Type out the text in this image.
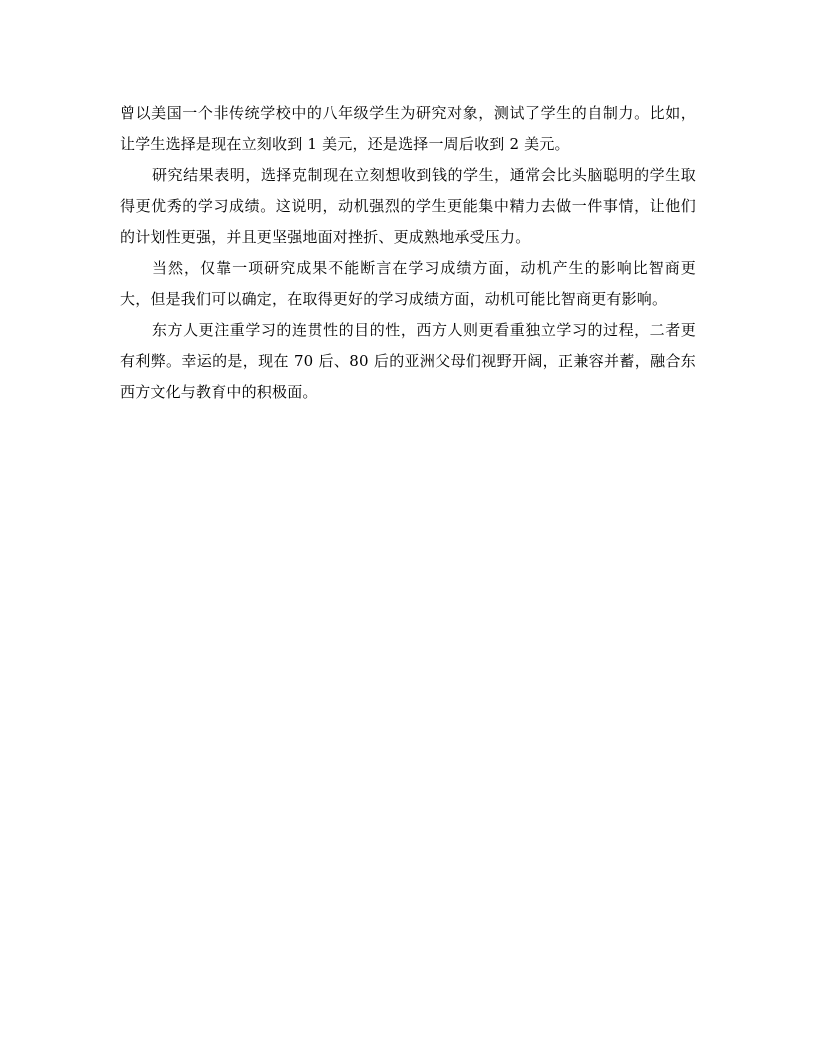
曾以美国一个非传统学校中的八年级学生为研究对象，测试了学生的自制力。比如，让学生选择是现在立刻收到 1 美元，还是选择一周后收到 2 美元。

研究结果表明，选择克制现在立刻想收到钱的学生，通常会比头脑聪明的学生取得更优秀的学习成绩。这说明，动机强烈的学生更能集中精力去做一件事情，让他们的计划性更强，并且更坚强地面对挫折、更成熟地承受压力。

当然，仅靠一项研究成果不能断言在学习成绩方面，动机产生的影响比智商更大，但是我们可以确定，在取得更好的学习成绩方面，动机可能比智商更有影响。

东方人更注重学习的连贯性的目的性，西方人则更看重独立学习的过程，二者更有利弊。幸运的是，现在 70 后、80 后的亚洲父母们视野开阔，正兼容并蓄，融合东西方文化与教育中的积极面。
